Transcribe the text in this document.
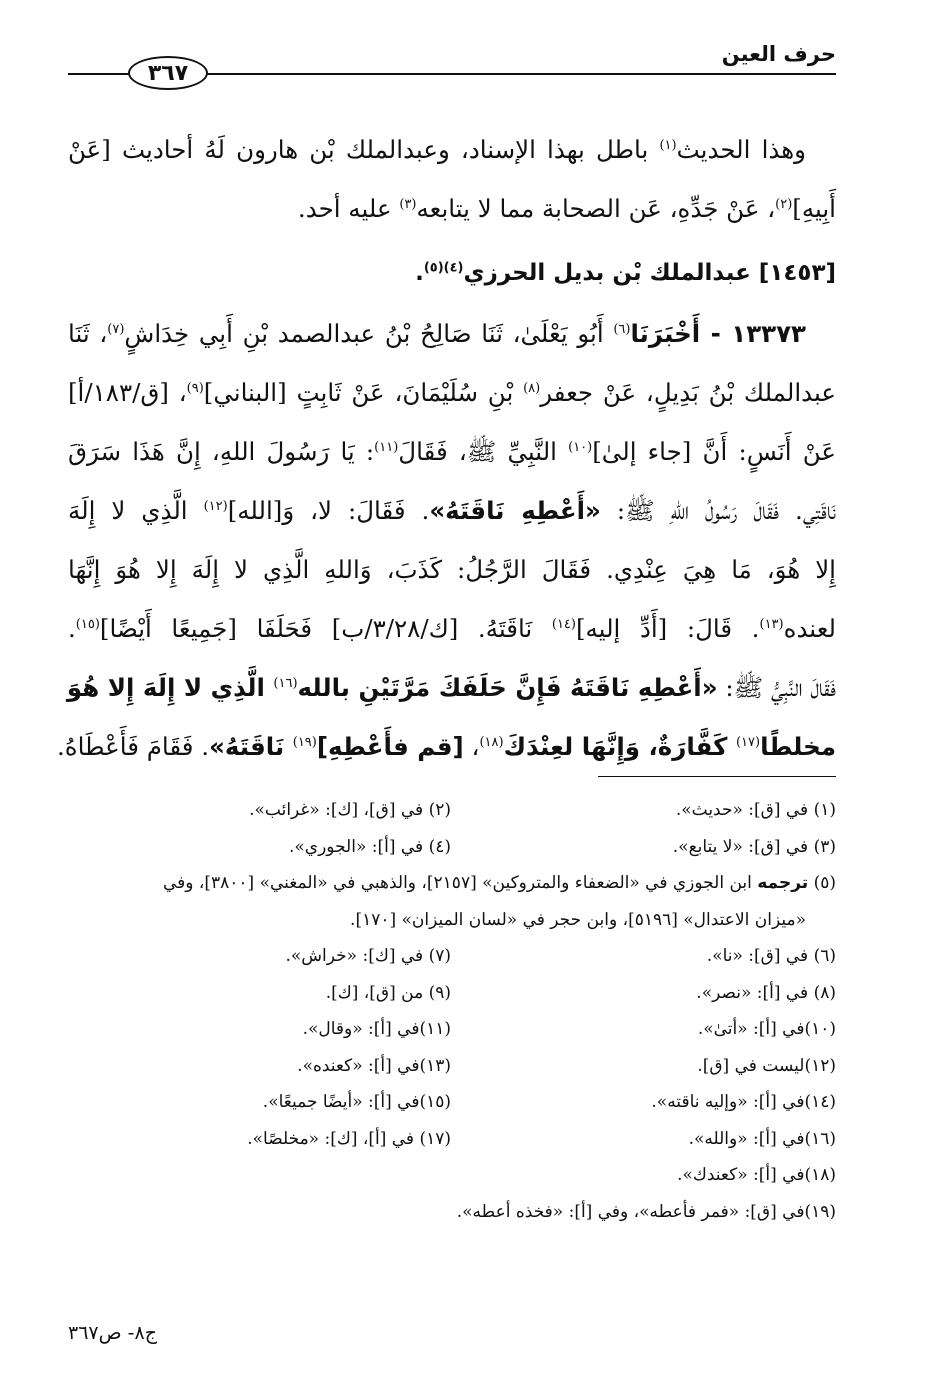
حرف العين
٣٦٧
وهذا الحديث$^{(١)}$ باطل بهذا الإسناد، وعبدالملك بْن هارون لَهُ أحاديث [عَنْ
أَبِيهِ]$^{(٢)}$، عَنْ جَدِّهِ، عَن الصحابة مما لا يتابعه$^{(٣)}$ عليه أحد.
[١٤٥٣] عبدالملك بْن بديل الحرزي$^{(٤)(٥)}$.
١٣٣٧٣ - أَخْبَرَنَا$^{(٦)}$ أَبُو يَعْلَىٰ، ثَنَا صَالِحُ بْنُ عبدالصمد بْنِ أَبِي خِدَاشٍ$^{(٧)}$، ثَنَا
عبدالملك بْنُ بَدِيلٍ، عَنْ جعفر$^{(٨)}$ بْنِ سُلَيْمَانَ، عَنْ ثَابِتٍ [البناني]$^{(٩)}$، [ق/١٨٣/أ]
عَنْ أَنَسٍ: أَنَّ [جاء إلىٰ]$^{(١٠)}$ النَّبِيِّ ﷺ، فَقَالَ$^{(١١)}$: يَا رَسُولَ اللهِ، إِنَّ هَذَا سَرَقَ
نَاقَتِي. فَقَالَ رَسُولُ اللهِ ﷺ: «أَعْطِهِ نَاقَتَهُ». فَقَالَ: لا، وَ[الله]$^{(١٢)}$ الَّذِي لا إِلَهَ
إِلا هُوَ، مَا هِيَ عِنْدِي. فَقَالَ الرَّجُلُ: كَذَبَ، وَاللهِ الَّذِي لا إِلَهَ إِلا هُوَ إِنَّهَا
لعنده$^{(١٣)}$. قَالَ: [أَدِّ إليه]$^{(١٤)}$ نَاقَتَهُ. [ك/٣/٢٨/ب] فَحَلَفَا [جَمِيعًا أَيْضًا]$^{(١٥)}$.
فَقَالَ النَّبِيُّ ﷺ: «أَعْطِهِ نَاقَتَهُ فَإِنَّ حَلَفَكَ مَرَّتَيْنِ بالله$^{(١٦)}$ الَّذِي لا إِلَهَ إِلا هُوَ
مخلطًا$^{(١٧)}$ كَفَّارَةٌ، وَإِنَّهَا لعِنْدَكَ$^{(١٨)}$، [قم فأَعْطِهِ]$^{(١٩)}$ نَاقَتَهُ». فَقَامَ فَأَعْطَاهُ.
(١) في [ق]: «حديث».
(٢) في [ق]، [ك]: «غرائب».
(٣) في [ق]: «لا يتابع».
(٤) في [أ]: «الجوري».
(٥) ترجمه ابن الجوزي في «الضعفاء والمتروكين» [٢١٥٧]، والذهبي في «المغني» [٣٨٠٠]، وفي
«ميزان الاعتدال» [٥١٩٦]، وابن حجر في «لسان الميزان» [١٧٠].
(٦) في [ق]: «نا».
(٧) في [ك]: «خراش».
(٨) في [أ]: «نصر».
(٩) من [ق]، [ك].
(١٠)في [أ]: «أتىٰ».
(١١)في [أ]: «وقال».
(١٢)ليست في [ق].
(١٣)في [أ]: «كعنده».
(١٤)في [أ]: «وإليه ناقته».
(١٥)في [أ]: «أيضًا جميعًا».
(١٦)في [أ]: «والله».
(١٧) في [أ]، [ك]: «مخلصًا».
(١٨)في [أ]: «كعندك».
(١٩)في [ق]: «فمر فأعطه»، وفي [أ]: «فخذه أعطه».
ج٨- ص٣٦٧
